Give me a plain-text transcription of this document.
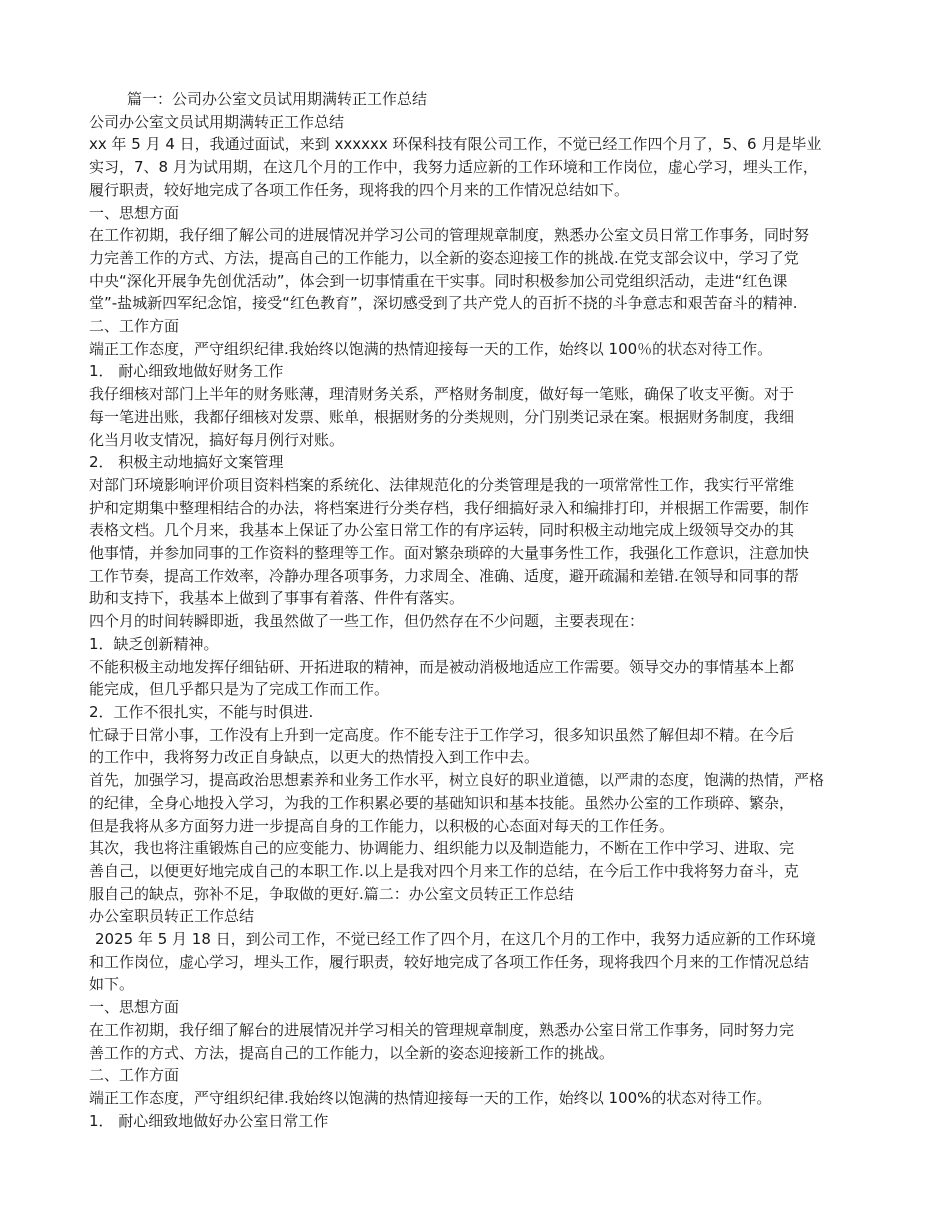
篇一：公司办公室文员试用期满转正工作总结

公司办公室文员试用期满转正工作总结

xx 年 5 月 4 日，我通过面试，来到 xxxxxx 环保科技有限公司工作，不觉已经工作四个月了，5、6 月是毕业

实习，7、8 月为试用期，在这几个月的工作中，我努力适应新的工作环境和工作岗位，虚心学习，埋头工作，

履行职责，较好地完成了各项工作任务，现将我的四个月来的工作情况总结如下。

一、思想方面

在工作初期，我仔细了解公司的进展情况并学习公司的管理规章制度，熟悉办公室文员日常工作事务，同时努

力完善工作的方式、方法，提高自己的工作能力，以全新的姿态迎接工作的挑战.在党支部会议中，学习了党

中央“深化开展争先创优活动”，体会到一切事情重在干实事。同时积极参加公司党组织活动，走进“红色课

堂”-盐城新四军纪念馆，接受“红色教育”，深切感受到了共产党人的百折不挠的斗争意志和艰苦奋斗的精神.

二、工作方面

端正工作态度，严守组织纪律.我始终以饱满的热情迎接每一天的工作，始终以 100％的状态对待工作。

1． 耐心细致地做好财务工作

我仔细核对部门上半年的财务账薄，理清财务关系，严格财务制度，做好每一笔账，确保了收支平衡。对于

每一笔进出账，我都仔细核对发票、账单，根据财务的分类规则，分门别类记录在案。根据财务制度，我细

化当月收支情况，搞好每月例行对账。

2． 积极主动地搞好文案管理

对部门环境影响评价项目资料档案的系统化、法律规范化的分类管理是我的一项常常性工作，我实行平常维

护和定期集中整理相结合的办法，将档案进行分类存档，我仔细搞好录入和编排打印，并根据工作需要，制作

表格文档。几个月来，我基本上保证了办公室日常工作的有序运转，同时积极主动地完成上级领导交办的其

他事情，并参加同事的工作资料的整理等工作。面对繁杂琐碎的大量事务性工作，我强化工作意识，注意加快

工作节奏，提高工作效率，冷静办理各项事务，力求周全、准确、适度，避开疏漏和差错.在领导和同事的帮

助和支持下，我基本上做到了事事有着落、件件有落实。

四个月的时间转瞬即逝，我虽然做了一些工作，但仍然存在不少问题，主要表现在：

1．缺乏创新精神。

不能积极主动地发挥仔细钻研、开拓进取的精神，而是被动消极地适应工作需要。领导交办的事情基本上都

能完成，但几乎都只是为了完成工作而工作。

2．工作不很扎实，不能与时俱进.

忙碌于日常小事，工作没有上升到一定高度。作不能专注于工作学习，很多知识虽然了解但却不精。在今后

的工作中，我将努力改正自身缺点，以更大的热情投入到工作中去。

首先，加强学习，提高政治思想素养和业务工作水平，树立良好的职业道德，以严肃的态度，饱满的热情，严格

的纪律，全身心地投入学习，为我的工作积累必要的基础知识和基本技能。虽然办公室的工作琐碎、繁杂，

但是我将从多方面努力进一步提高自身的工作能力，以积极的心态面对每天的工作任务。

其次，我也将注重锻炼自己的应变能力、协调能力、组织能力以及制造能力，不断在工作中学习、进取、完

善自己，以便更好地完成自己的本职工作.以上是我对四个月来工作的总结，在今后工作中我将努力奋斗，克

服自己的缺点，弥补不足，争取做的更好.篇二：办公室文员转正工作总结

办公室职员转正工作总结

2025 年 5 月 18 日，到公司工作，不觉已经工作了四个月，在这几个月的工作中，我努力适应新的工作环境

和工作岗位，虚心学习，埋头工作，履行职责，较好地完成了各项工作任务，现将我四个月来的工作情况总结

如下。

一、思想方面

在工作初期，我仔细了解台的进展情况并学习相关的管理规章制度，熟悉办公室日常工作事务，同时努力完

善工作的方式、方法，提高自己的工作能力，以全新的姿态迎接新工作的挑战。

二、工作方面

端正工作态度，严守组织纪律.我始终以饱满的热情迎接每一天的工作，始终以 100%的状态对待工作。

1． 耐心细致地做好办公室日常工作
